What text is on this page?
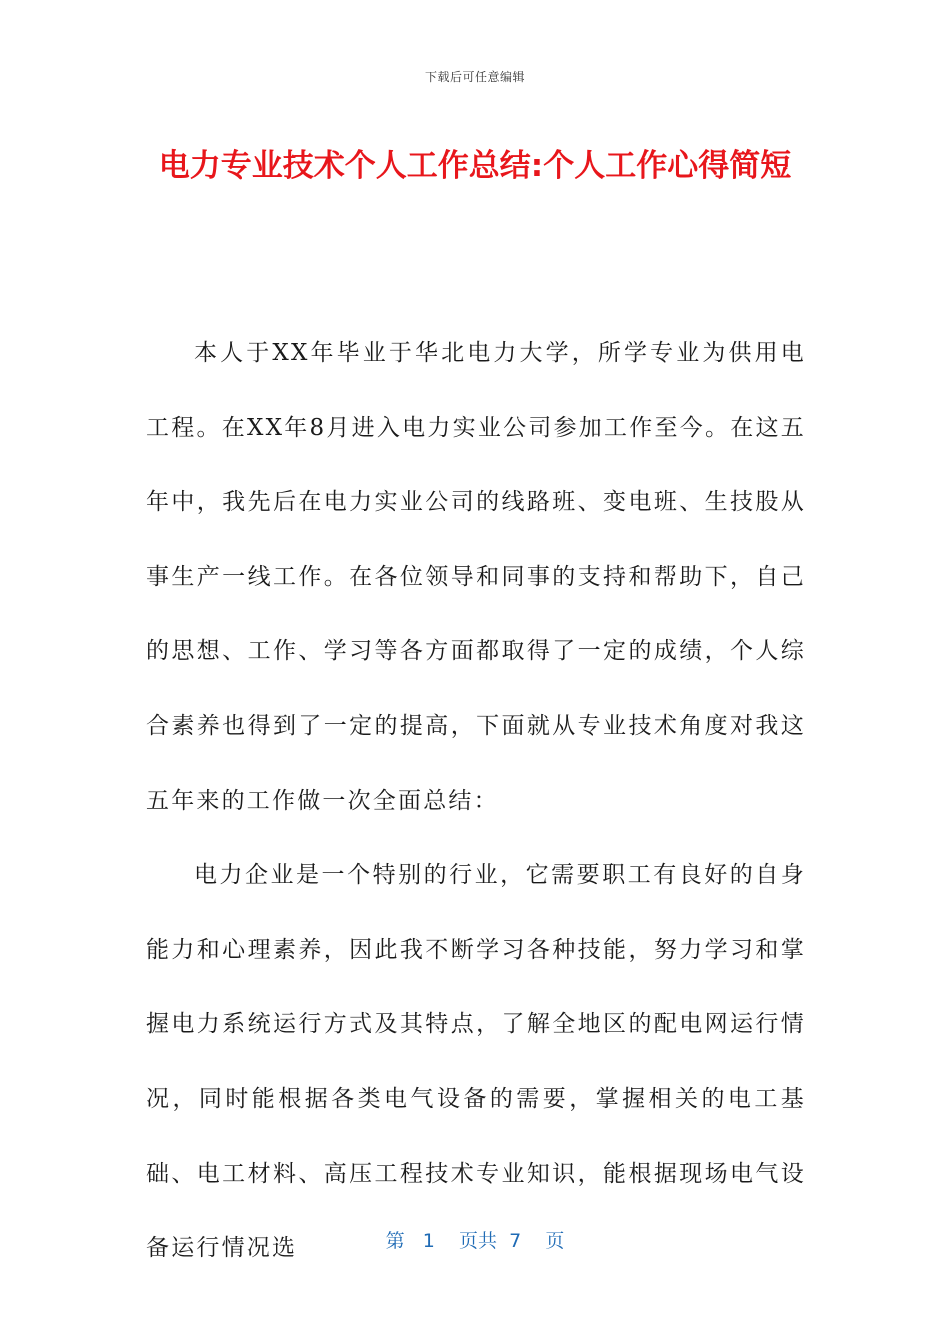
下载后可任意编辑
电力专业技术个人工作总结:个人工作心得简短

本人于XX年毕业于华北电力大学，所学专业为供用电工程。在XX年8月进入电力实业公司参加工作至今。在这五年中，我先后在电力实业公司的线路班、变电班、生技股从事生产一线工作。在各位领导和同事的支持和帮助下，自己的思想、工作、学习等各方面都取得了一定的成绩，个人综合素养也得到了一定的提高，下面就从专业技术角度对我这五年来的工作做一次全面总结：

电力企业是一个特别的行业，它需要职工有良好的自身能力和心理素养，因此我不断学习各种技能，努力学习和掌握电力系统运行方式及其特点，了解全地区的配电网运行情况，同时能根据各类电气设备的需要，掌握相关的电工基础、电工材料、高压工程技术专业知识，能根据现场电气设备运行情况选	第 1 页共 7 页
